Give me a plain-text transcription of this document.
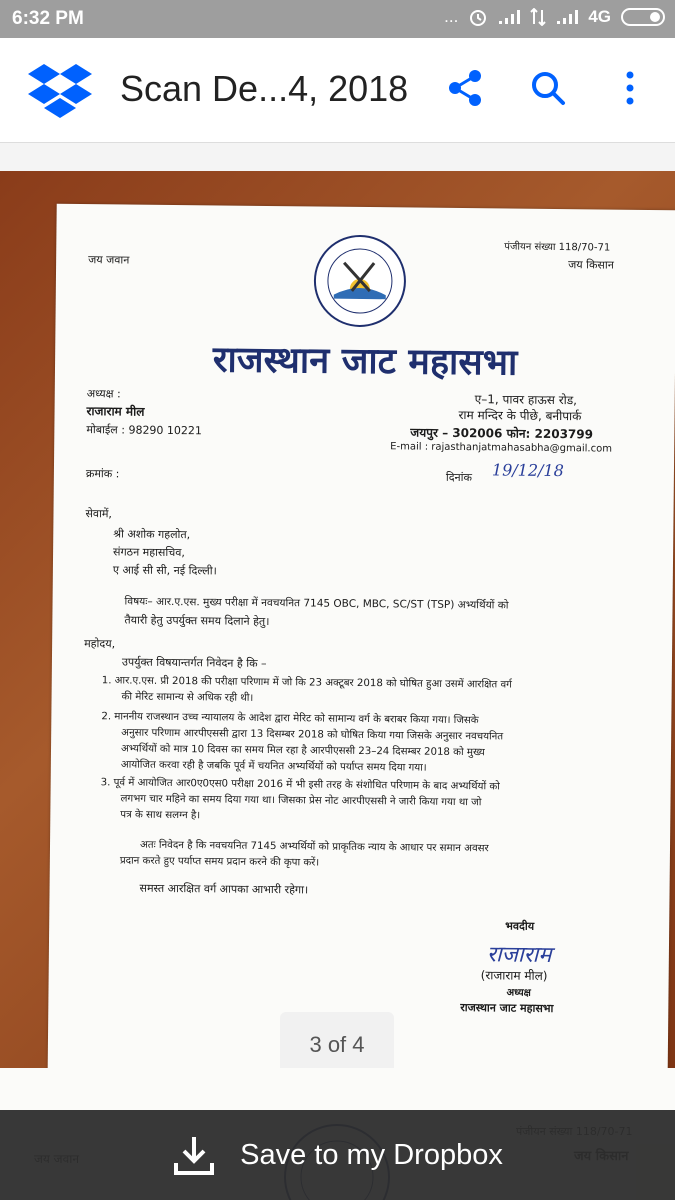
6:32 PM	...	4G
Scan De...4, 2018
पंजीयन संख्या 118/70-71
जय जवान	जय किसान
राजस्थान जाट महासभा
अध्यक्ष :
राजाराम मील
मोबाईल : 98290 10221
ए–1, पावर हाऊस रोड,
राम मन्दिर के पीछे, बनीपार्क
जयपुर – 302006 फोन: 2203799
E-mail : rajasthanjatmahasabha@gmail.com
क्रमांक :	दिनांक 19/12/18
सेवामें,
श्री अशोक गहलोत,
संगठन महासचिव,
ए आई सी सी, नई दिल्ली।
विषयः– आर.ए.एस. मुख्य परीक्षा में नवचयनित 7145 OBC, MBC, SC/ST (TSP) अभ्यर्थियों को
तैयारी हेतु उपर्युक्त समय दिलाने हेतु।
महोदय,
उपर्युक्त विषयान्तर्गत निवेदन है कि –
1. आर.ए.एस. प्री 2018 की परीक्षा परिणाम में जो कि 23 अक्टूबर 2018 को घोषित हुआ उसमें आरक्षित वर्ग
की मेरिट सामान्य से अधिक रही थी।
2. माननीय राजस्थान उच्च न्यायालय के आदेश द्वारा मेरिट को सामान्य वर्ग के बराबर किया गया। जिसके
अनुसार परिणाम आरपीएससी द्वारा 13 दिसम्बर 2018 को घोषित किया गया जिसके अनुसार नवचयनित
अभ्यर्थियों को मात्र 10 दिवस का समय मिल रहा है आरपीएससी 23–24 दिसम्बर 2018 को मुख्य
आयोजित करवा रही है जबकि पूर्व में चयनित अभ्यर्थियों को पर्याप्त समय दिया गया।
3. पूर्व में आयोजित आर0ए0एस0 परीक्षा 2016 में भी इसी तरह के संशोधित परिणाम के बाद अभ्यर्थियों को
लगभग चार महिने का समय दिया गया था। जिसका प्रेस नोट आरपीएससी ने जारी किया गया था जो
पत्र के साथ सलग्न है।
अतः निवेदन है कि नवचयनित 7145 अभ्यर्थियों को प्राकृतिक न्याय के आधार पर समान अवसर
प्रदान करते हुए पर्याप्त समय प्रदान करने की कृपा करें।
समस्त आरक्षित वर्ग आपका आभारी रहेगा।
भवदीय
राजाराम
(राजाराम मील)
अध्यक्ष
राजस्थान जाट महासभा
3 of 4
Save to my Dropbox
